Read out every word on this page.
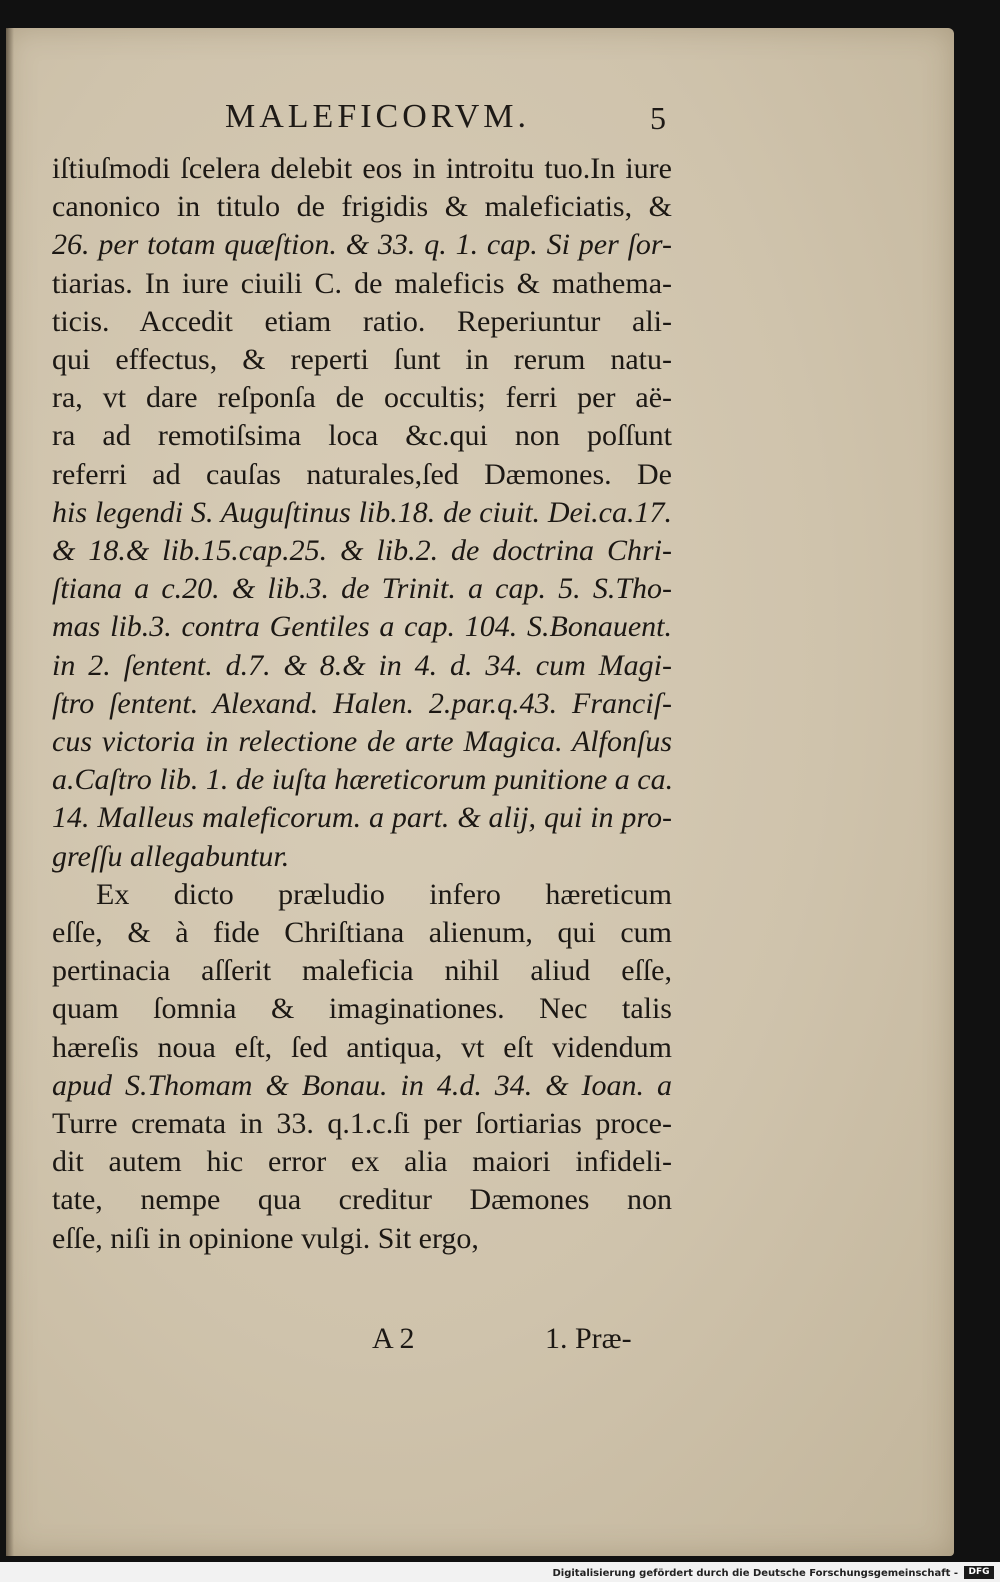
MALEFICORVM.	5
iſtiuſmodi ſcelera delebit eos in introitu tuo.In iure
canonico in titulo de frigidis & maleficiatis, &
26. per totam quæſtion. & 33. q. 1. cap. Si per ſor-
tiarias. In iure ciuili C. de maleficis & mathema-
ticis. Accedit etiam ratio. Reperiuntur ali-
qui effectus, & reperti ſunt in rerum natu-
ra, vt dare reſponſa de occultis; ferri per aë-
ra ad remotiſsima loca &c.qui non poſſunt
referri ad cauſas naturales,ſed Dæmones. De
his legendi S. Auguſtinus lib.18. de ciuit. Dei.ca.17.
& 18.& lib.15.cap.25. & lib.2. de doctrina Chri-
ſtiana a c.20. & lib.3. de Trinit. a cap. 5. S.Tho-
mas lib.3. contra Gentiles a cap. 104. S.Bonauent.
in 2. ſentent. d.7. & 8.& in 4. d. 34. cum Magi-
ſtro ſentent. Alexand. Halen. 2.par.q.43. Franciſ-
cus victoria in relectione de arte Magica. Alfonſus
a.Caſtro lib. 1. de iuſta hæreticorum punitione a ca.
14. Malleus maleficorum. a part. & alij, qui in pro-
greſſu allegabuntur.
Ex dicto præludio infero hæreticum
eſſe, & à fide Chriſtiana alienum, qui cum
pertinacia aſſerit maleficia nihil aliud eſſe,
quam ſomnia & imaginationes. Nec talis
hæreſis noua eſt, ſed antiqua, vt eſt videndum
apud S.Thomam & Bonau. in 4.d. 34. & Ioan. a
Turre cremata in 33. q.1.c.ſi per ſortiarias proce-
dit autem hic error ex alia maiori infideli-
tate, nempe qua creditur Dæmones non
eſſe, niſi in opinione vulgi. Sit ergo,
A 2	1. Præ-
Digitalisierung gefördert durch die Deutsche Forschungsgemeinschaft -	DFG
